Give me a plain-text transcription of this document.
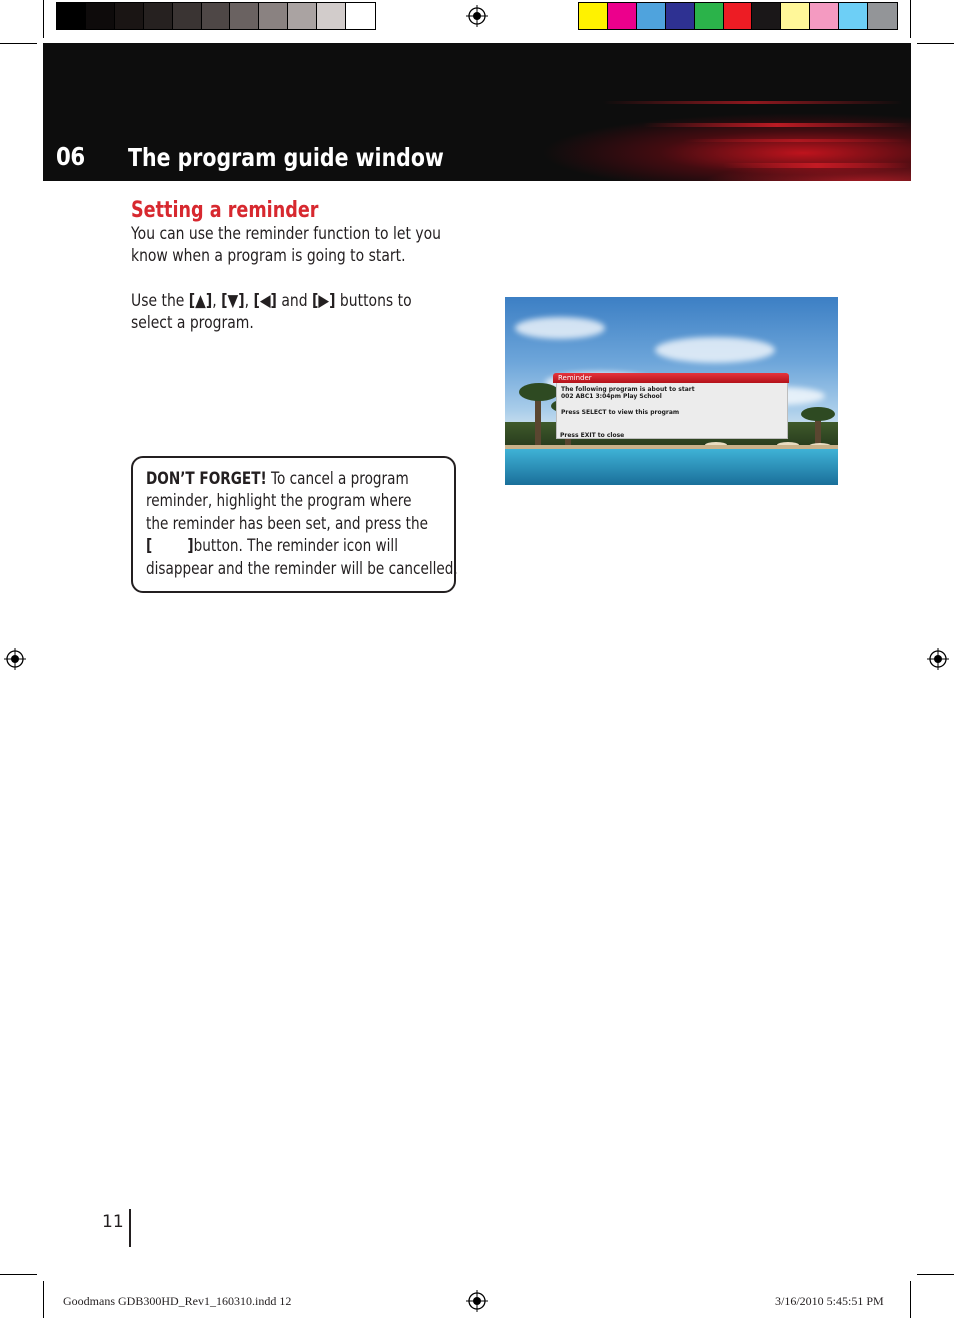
06 The program guide window
Setting a reminder
You can use the reminder function to let you
know when a program is going to start.
Use the [▲], [▼], [◀] and [▶] buttons to
select a program.
DON’T FORGET! To cancel a program
reminder, highlight the program where
the reminder has been set, and press the
[ ]button. The reminder icon will
disappear and the reminder will be cancelled.
Reminder
The following program is about to start
002 ABC1 3:04pm Play School
Press SELECT to view this program
Press EXIT to close
11
Goodmans GDB300HD_Rev1_160310.indd 12	3/16/2010 5:45:51 PM
